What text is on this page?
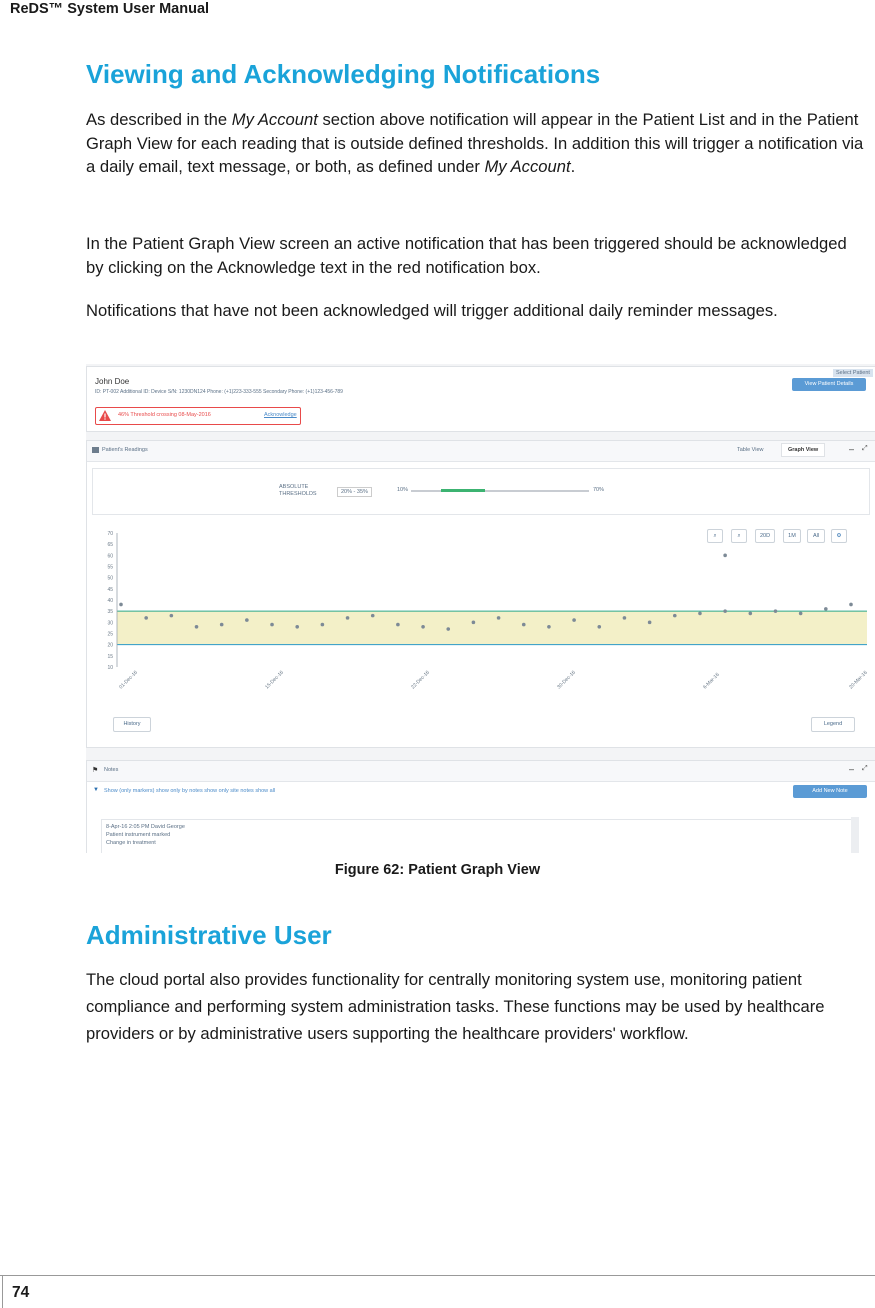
ReDS™ System User Manual
Viewing and Acknowledging Notifications

As described in the My Account section above notification will appear in the Patient List and in the Patient Graph View for each reading that is outside defined thresholds. In addition this will trigger a notification via a daily email, text message, or both, as defined under My Account.

In the Patient Graph View screen an active notification that has been triggered should be acknowledged by clicking on the Acknowledge text in the red notification box.

Notifications that have not been acknowledged will trigger additional daily reminder messages.

John Doe
ID: PT-002 Additional ID: Device S/N: 1230DN124 Phone: (+1)223-333-555 Secondary Phone: (+1)123-456-789
46% Threshold crossing 08-May-2016	Acknowledge
Select Patient
View Patient Details
Patient's Readings	Table View	Graph View	– ⤢
ABSOLUTE THRESHOLDS	20% - 35%	10%	70%
⌕	⌕	20D	1M	All	⚙
10
15
20
25
30
35
40
45
50
55
60
65
70
01-Dec-16	15-Dec-16	22-Dec-16	30-Dec-16	6-Mar-16	20-Mar-16
History	Legend
⚑ Notes	– ⤢
▼ Show (only markers) show only by notes show only site notes show all	Add New Note
8-Apr-16 2:05 PM David George
Patient instrument marked
Change in treatment
Figure 62: Patient Graph View
Administrative User

The cloud portal also provides functionality for centrally monitoring system use, monitoring patient compliance and performing system administration tasks. These functions may be used by healthcare providers or by administrative users supporting the healthcare providers' workflow.

74
